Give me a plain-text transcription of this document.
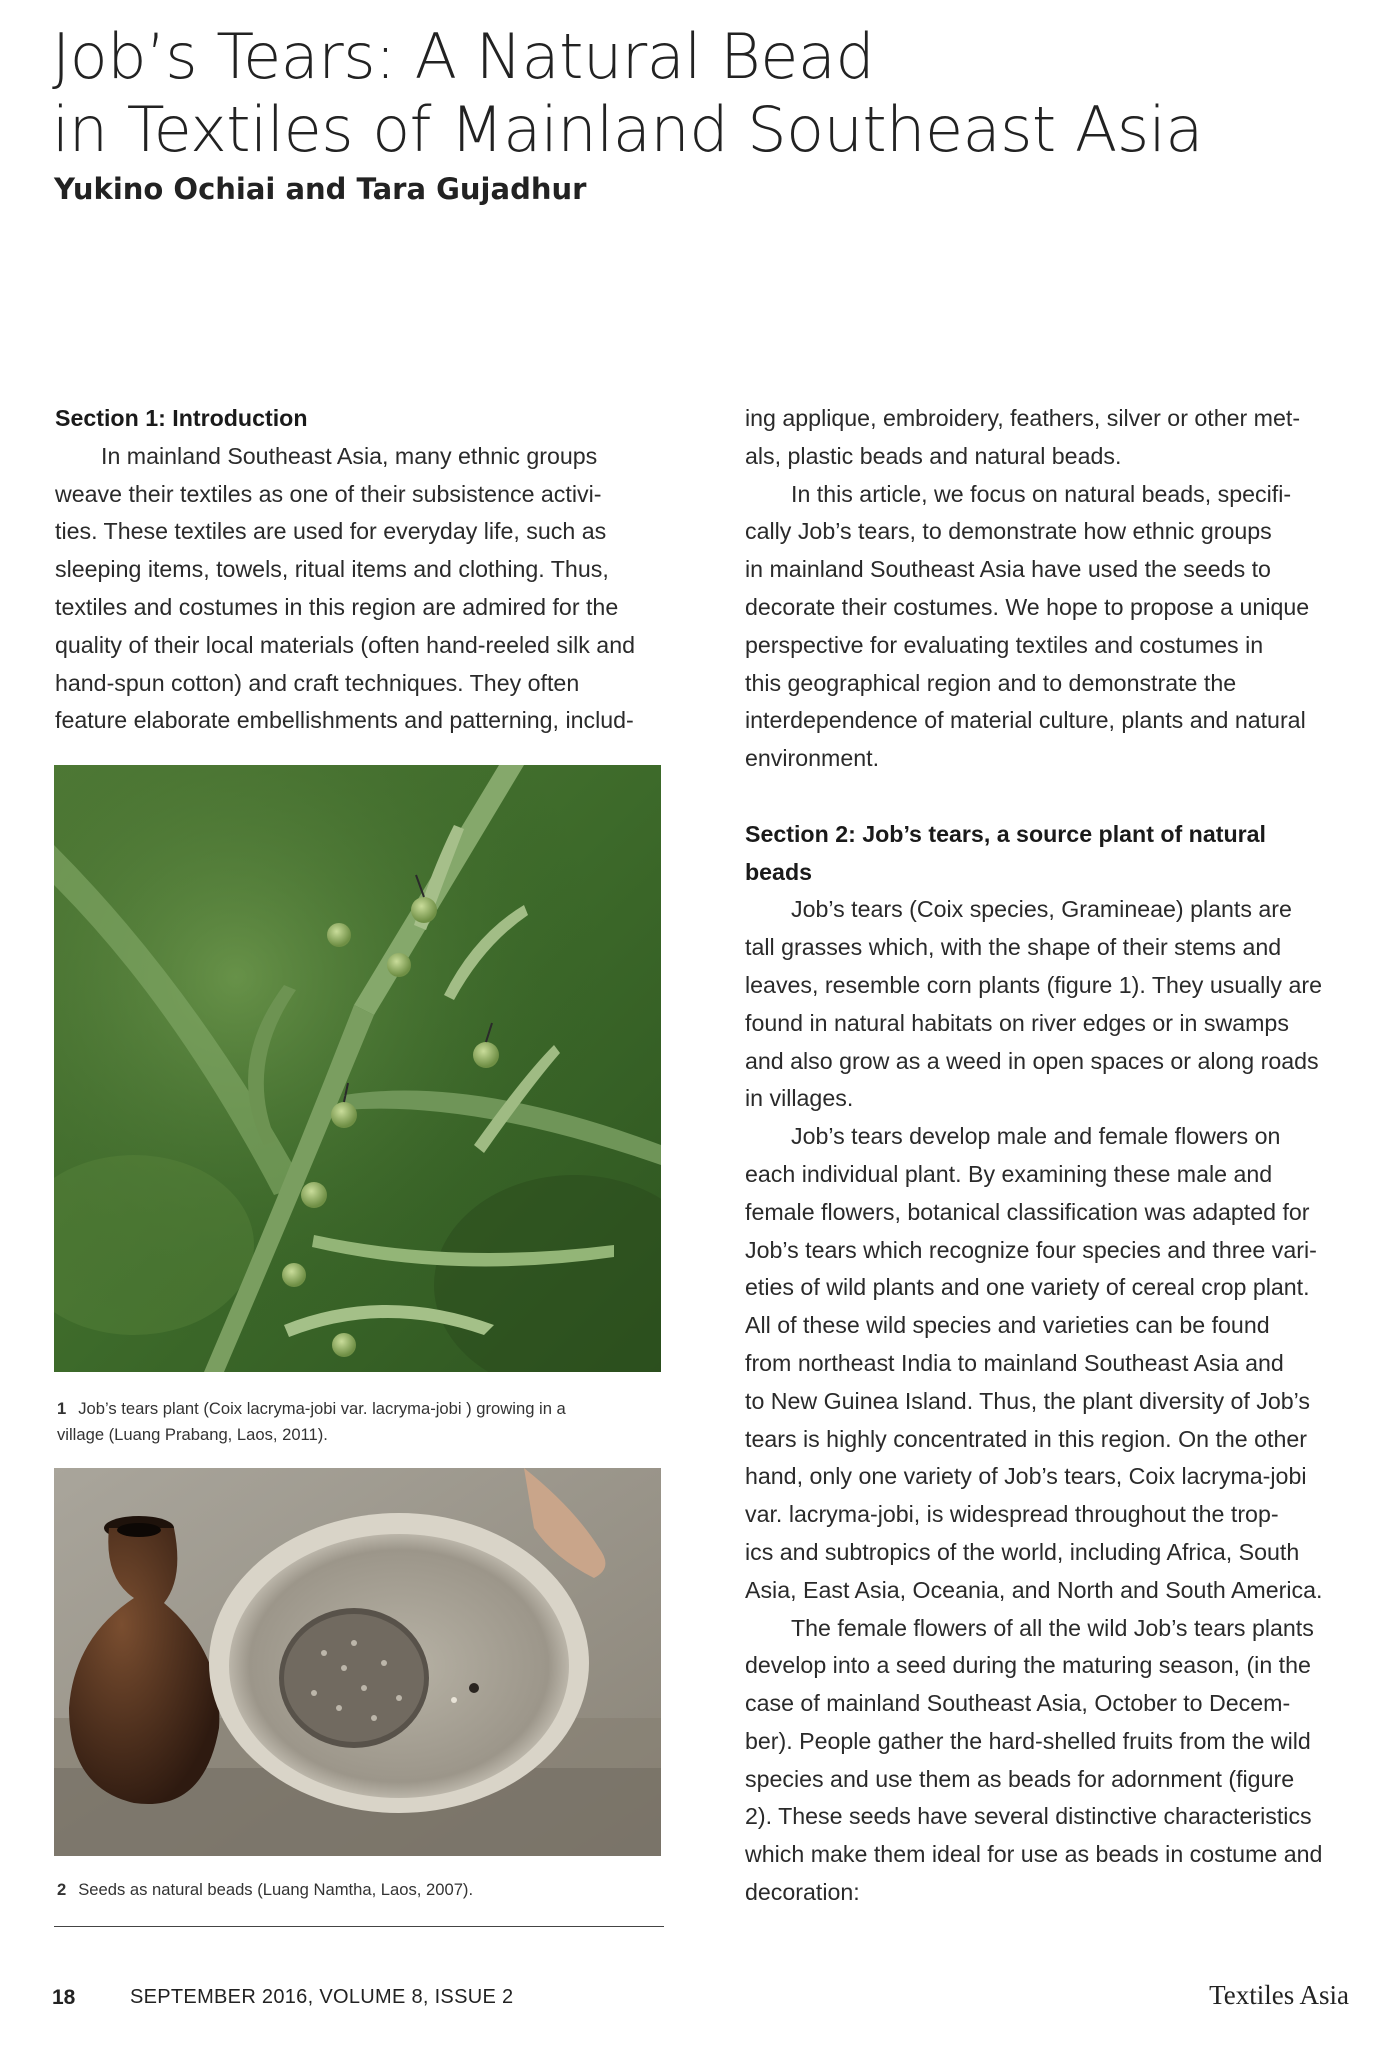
Job’s Tears: A Natural Bead
in Textiles of Mainland Southeast Asia
Yukino Ochiai and Tara Gujadhur
Section 1: Introduction
In mainland Southeast Asia, many ethnic groups
weave their textiles as one of their subsistence activi-
ties. These textiles are used for everyday life, such as
sleeping items, towels, ritual items and clothing. Thus,
textiles and costumes in this region are admired for the
quality of their local materials (often hand-reeled silk and
hand-spun cotton) and craft techniques. They often
feature elaborate embellishments and patterning, includ-
1 Job’s tears plant (Coix lacryma-jobi var. lacryma-jobi ) growing in a
village (Luang Prabang, Laos, 2011).
2 Seeds as natural beads (Luang Namtha, Laos, 2007).
ing applique, embroidery, feathers, silver or other met-
als, plastic beads and natural beads.
In this article, we focus on natural beads, specifi-
cally Job’s tears, to demonstrate how ethnic groups
in mainland Southeast Asia have used the seeds to
decorate their costumes. We hope to propose a unique
perspective for evaluating textiles and costumes in
this geographical region and to demonstrate the
interdependence of material culture, plants and natural
environment.
Section 2: Job’s tears, a source plant of natural
beads
Job’s tears (Coix species, Gramineae) plants are
tall grasses which, with the shape of their stems and
leaves, resemble corn plants (figure 1). They usually are
found in natural habitats on river edges or in swamps
and also grow as a weed in open spaces or along roads
in villages.
Job’s tears develop male and female flowers on
each individual plant. By examining these male and
female flowers, botanical classification was adapted for
Job’s tears which recognize four species and three vari-
eties of wild plants and one variety of cereal crop plant.
All of these wild species and varieties can be found
from northeast India to mainland Southeast Asia and
to New Guinea Island. Thus, the plant diversity of Job’s
tears is highly concentrated in this region. On the other
hand, only one variety of Job’s tears, Coix lacryma-jobi
var. lacryma-jobi, is widespread throughout the trop-
ics and subtropics of the world, including Africa, South
Asia, East Asia, Oceania, and North and South America.
The female flowers of all the wild Job’s tears plants
develop into a seed during the maturing season, (in the
case of mainland Southeast Asia, October to Decem-
ber). People gather the hard-shelled fruits from the wild
species and use them as beads for adornment (figure
2). These seeds have several distinctive characteristics
which make them ideal for use as beads in costume and
decoration:
18	SEPTEMBER 2016, VOLUME 8, ISSUE 2	Textiles Asia
